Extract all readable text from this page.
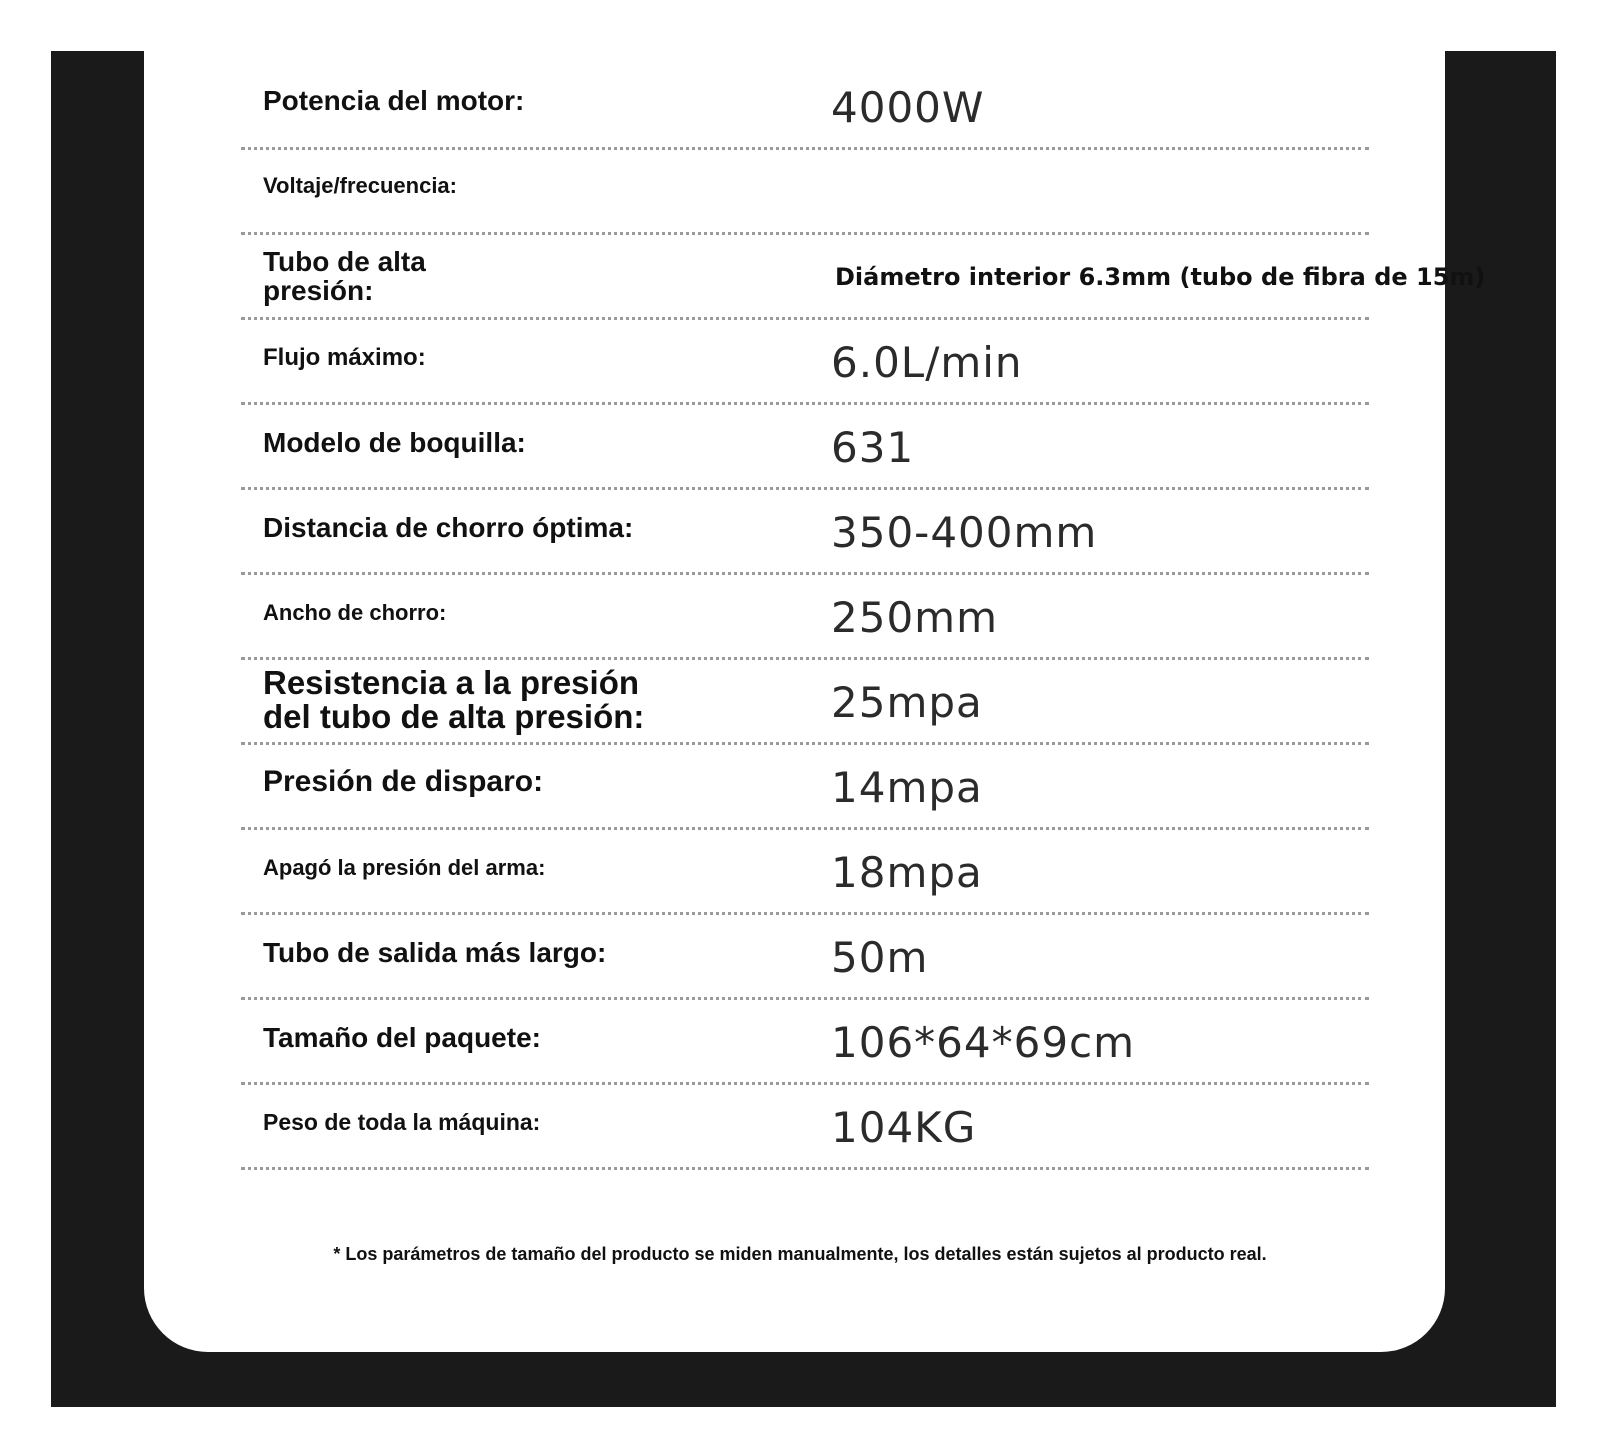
Potencia del motor:	4000W
Voltaje/frecuencia:
Tubo de alta
presión:	Diámetro interior 6.3mm (tubo de fibra de 15m)
Flujo máximo:	6.0L/min
Modelo de boquilla:	631
Distancia de chorro óptima:	350-400mm
Ancho de chorro:	250mm
Resistencia a la presión
del tubo de alta presión:	25mpa
Presión de disparo:	14mpa
Apagó la presión del arma:	18mpa
Tubo de salida más largo:	50m
Tamaño del paquete:	106*64*69cm
Peso de toda la máquina:	104KG
* Los parámetros de tamaño del producto se miden manualmente, los detalles están sujetos al producto real.
